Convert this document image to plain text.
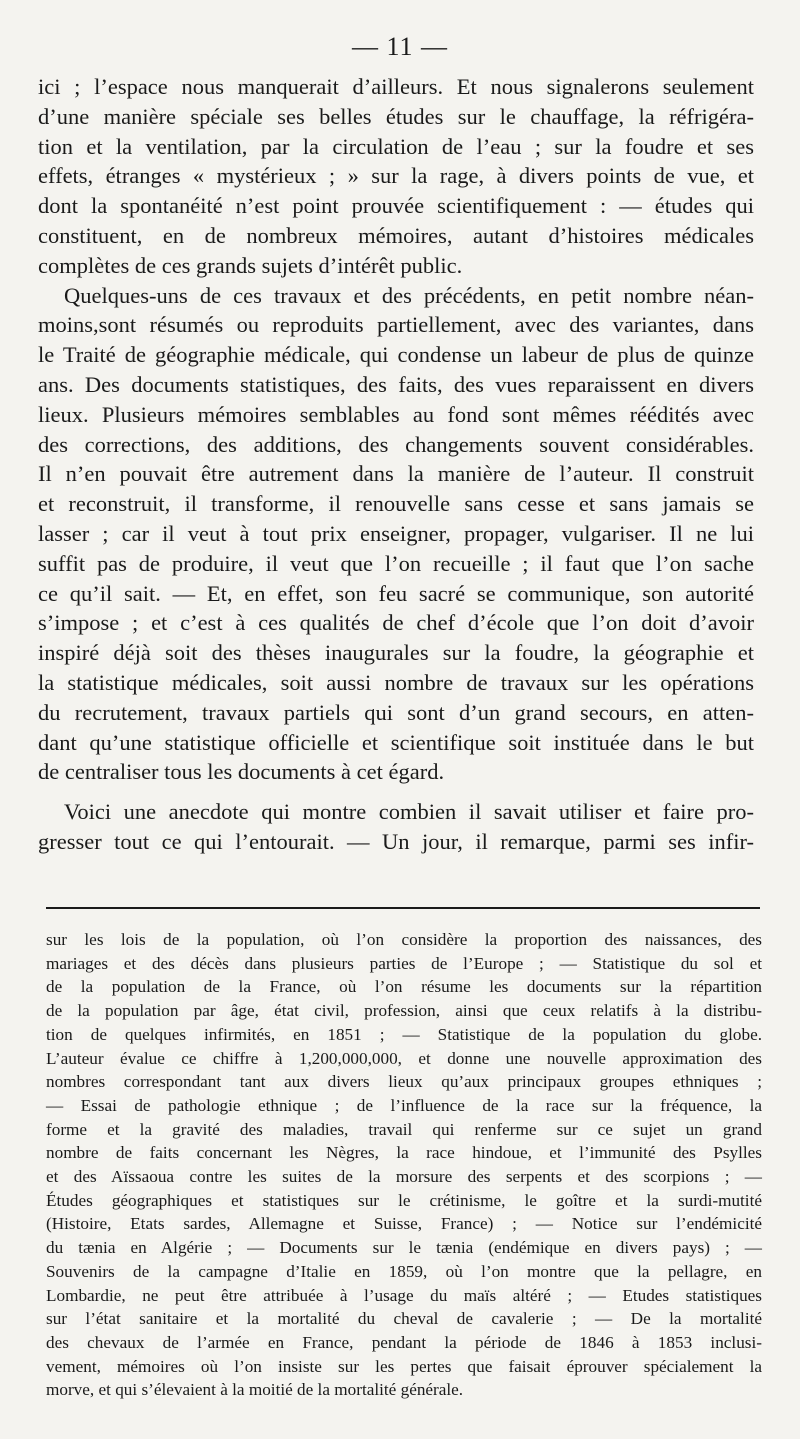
— 11 —

ici ; l’espace nous manquerait d’ailleurs. Et nous signalerons seulement
d’une manière spéciale ses belles études sur le chauffage, la réfrigéra-
tion et la ventilation, par la circulation de l’eau ; sur la foudre et ses
effets, étranges « mystérieux ; » sur la rage, à divers points de vue, et
dont la spontanéité n’est point prouvée scientifiquement : — études qui
constituent, en de nombreux mémoires, autant d’histoires médicales
complètes de ces grands sujets d’intérêt public.

Quelques-uns de ces travaux et des précédents, en petit nombre néan-
moins,sont résumés ou reproduits partiellement, avec des variantes, dans
le Traité de géographie médicale, qui condense un labeur de plus de quinze
ans. Des documents statistiques, des faits, des vues reparaissent en divers
lieux. Plusieurs mémoires semblables au fond sont mêmes réédités avec
des corrections, des additions, des changements souvent considérables.
Il n’en pouvait être autrement dans la manière de l’auteur. Il construit
et reconstruit, il transforme, il renouvelle sans cesse et sans jamais se
lasser ; car il veut à tout prix enseigner, propager, vulgariser. Il ne lui
suffit pas de produire, il veut que l’on recueille ; il faut que l’on sache
ce qu’il sait. — Et, en effet, son feu sacré se communique, son autorité
s’impose ; et c’est à ces qualités de chef d’école que l’on doit d’avoir
inspiré déjà soit des thèses inaugurales sur la foudre, la géographie et
la statistique médicales, soit aussi nombre de travaux sur les opérations
du recrutement, travaux partiels qui sont d’un grand secours, en atten-
dant qu’une statistique officielle et scientifique soit instituée dans le but
de centraliser tous les documents à cet égard.

Voici une anecdote qui montre combien il savait utiliser et faire pro-
gresser tout ce qui l’entourait. — Un jour, il remarque, parmi ses infir-

sur les lois de la population, où l’on considère la proportion des naissances, des
mariages et des décès dans plusieurs parties de l’Europe ; — Statistique du sol et
de la population de la France, où l’on résume les documents sur la répartition
de la population par âge, état civil, profession, ainsi que ceux relatifs à la distribu-
tion de quelques infirmités, en 1851 ; — Statistique de la population du globe.
L’auteur évalue ce chiffre à 1,200,000,000, et donne une nouvelle approximation des
nombres correspondant tant aux divers lieux qu’aux principaux groupes ethniques ;
— Essai de pathologie ethnique ; de l’influence de la race sur la fréquence, la
forme et la gravité des maladies, travail qui renferme sur ce sujet un grand
nombre de faits concernant les Nègres, la race hindoue, et l’immunité des Psylles
et des Aïssaoua contre les suites de la morsure des serpents et des scorpions ; —
Études géographiques et statistiques sur le crétinisme, le goître et la surdi-mutité
(Histoire, Etats sardes, Allemagne et Suisse, France) ; — Notice sur l’endémicité
du tænia en Algérie ; — Documents sur le tænia (endémique en divers pays) ; —
Souvenirs de la campagne d’Italie en 1859, où l’on montre que la pellagre, en
Lombardie, ne peut être attribuée à l’usage du maïs altéré ; — Etudes statistiques
sur l’état sanitaire et la mortalité du cheval de cavalerie ; — De la mortalité
des chevaux de l’armée en France, pendant la période de 1846 à 1853 inclusi-
vement, mémoires où l’on insiste sur les pertes que faisait éprouver spécialement la
morve, et qui s’élevaient à la moitié de la mortalité générale.
